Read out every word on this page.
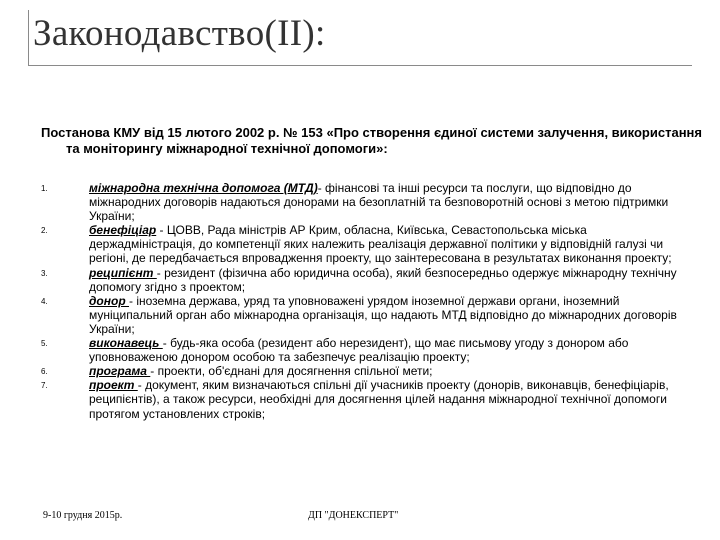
Законодавство(ІІ):
Постанова КМУ від 15 лютого 2002 р. № 153 «Про створення єдиної системи залучення, використання та моніторингу міжнародної технічної допомоги»:
1.	міжнародна технічна допомога (МТД)- фінансові та інші ресурси та послуги, що відповідно до міжнародних договорів надаються донорами на безоплатній та безповоротній основі з метою підтримки України;
2.	бенефіціар - ЦОВВ, Рада міністрів АР Крим, обласна, Київська, Севастопольська міська держадміністрація, до компетенції яких належить реалізація державної політики у відповідній галузі чи регіоні, де передбачається впровадження проекту, що заінтересована в результатах виконання проекту;
3.	реципієнт - резидент (фізична або юридична особа), який безпосередньо одержує міжнародну технічну допомогу згідно з проектом;
4.	донор - іноземна держава, уряд та уповноважені урядом іноземної держави органи, іноземний муніципальний орган або міжнародна організація, що надають МТД відповідно до міжнародних договорів України;
5.	виконавець - будь-яка особа (резидент або нерезидент), що має письмову угоду з донором або уповноваженою донором особою та забезпечує реалізацію проекту;
6.	програма - проекти, об'єднані для досягнення спільної мети;
7.	проект - документ, яким визначаються спільні дії учасників проекту (донорів, виконавців, бенефіціарів, реципієнтів), а також ресурси, необхідні для досягнення цілей надання міжнародної технічної допомоги протягом установлених строків;
9-10 грудня 2015р.	ДП "ДОНЕКСПЕРТ"
